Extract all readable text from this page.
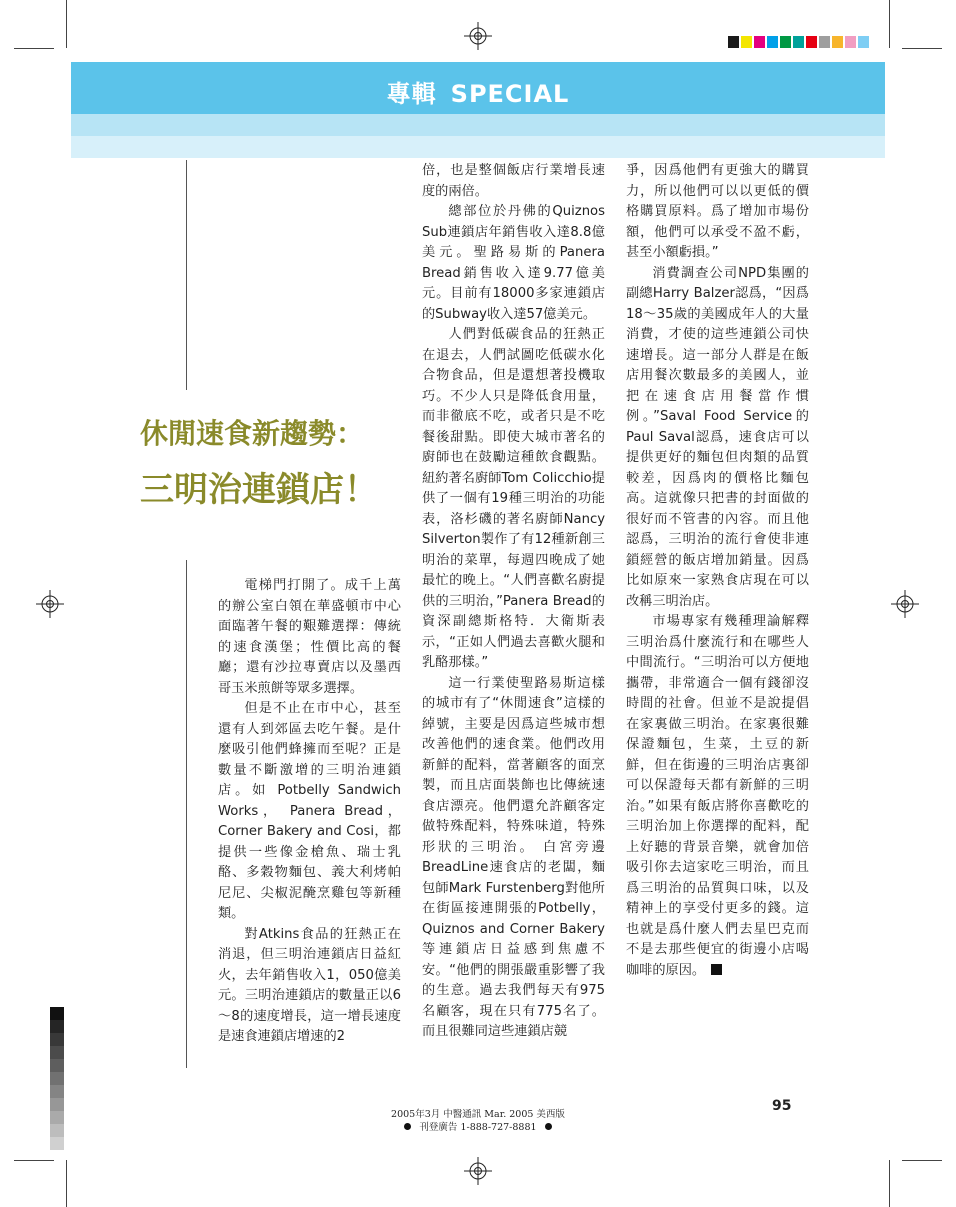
專輯 SPECIAL
休閒速食新趨勢：
三明治連鎖店！

電梯門打開了。成千上萬的辦公室白領在華盛頓市中心面臨著午餐的艱難選擇：傳統的速食漢堡；性價比高的餐廳；還有沙拉專賣店以及墨西哥玉米煎餅等眾多選擇。

但是不止在市中心，甚至還有人到郊區去吃午餐。是什麼吸引他們蜂擁而至呢？正是數量不斷激增的三明治連鎖店。如 Potbelly Sandwich Works， Panera Bread， Corner Bakery and Cosi，都提供一些像金槍魚、瑞士乳酪、多穀物麵包、義大利烤帕尼尼、尖椒泥醃烹雞包等新種類。

對Atkins食品的狂熱正在消退，但三明治連鎖店日益紅火，去年銷售收入1，050億美元。三明治連鎖店的數量正以6～8的速度增長，這一增長速度是速食連鎖店增速的2

倍，也是整個飯店行業增長速度的兩倍。

總部位於丹佛的Quiznos Sub連鎖店年銷售收入達8.8億美元。聖路易斯的Panera Bread銷售收入達9.77億美元。目前有18000多家連鎖店的Subway收入達57億美元。

人們對低碳食品的狂熱正在退去，人們試圖吃低碳水化合物食品，但是還想著投機取巧。不少人只是降低食用量，而非徹底不吃，或者只是不吃餐後甜點。即使大城市著名的廚師也在鼓勵這種飲食觀點。紐約著名廚師Tom Colicchio提供了一個有19種三明治的功能表，洛杉磯的著名廚師Nancy Silverton製作了有12種新創三明治的菜單，每週四晚成了她最忙的晚上。“人們喜歡名廚提供的三明治，”Panera Bread的資深副總斯格特．大衛斯表示，“正如人們過去喜歡火腿和乳酪那樣。”

這一行業使聖路易斯這樣的城市有了“休閒速食”這樣的綽號，主要是因爲這些城市想改善他們的速食業。他們改用新鮮的配料，當著顧客的面烹製，而且店面裝飾也比傳統速食店漂亮。他們還允許顧客定做特殊配料，特殊味道，特殊形狀的三明治。 白宮旁邊BreadLine速食店的老闆，麵包師Mark Furstenberg對他所在街區接連開張的Potbelly， Quiznos and Corner Bakery等連鎖店日益感到焦慮不安。“他們的開張嚴重影響了我的生意。過去我們每天有975名顧客，現在只有775名了。而且很難同這些連鎖店競

爭，因爲他們有更強大的購買力，所以他們可以以更低的價格購買原料。爲了增加市場份額，他們可以承受不盈不虧，甚至小額虧損。”

消費調查公司NPD集團的副總Harry Balzer認爲，“因爲18～35歲的美國成年人的大量消費，才使的這些連鎖公司快速增長。這一部分人群是在飯店用餐次數最多的美國人，並把在速食店用餐當作慣例。”Saval Food Service的Paul Saval認爲，速食店可以提供更好的麵包但肉類的品質較差，因爲肉的價格比麵包高。這就像只把書的封面做的很好而不管書的內容。而且他認爲，三明治的流行會使非連鎖經營的飯店增加銷量。因爲比如原來一家熟食店現在可以改稱三明治店。

市場專家有幾種理論解釋三明治爲什麼流行和在哪些人中間流行。“三明治可以方便地攜帶，非常適合一個有錢卻沒時間的社會。但並不是說提倡在家裏做三明治。在家裏很難保證麵包，生菜，土豆的新鮮，但在街邊的三明治店裏卻可以保證每天都有新鮮的三明治。”如果有飯店將你喜歡吃的三明治加上你選擇的配料，配上好聽的背景音樂，就會加倍吸引你去這家吃三明治，而且爲三明治的品質與口味，以及精神上的享受付更多的錢。這也就是爲什麼人們去星巴克而不是去那些便宜的街邊小店喝咖啡的原因。

2005年3月 中醫通訊 Mar. 2005 美西版
刊登廣告 1-888-727-8881
95
